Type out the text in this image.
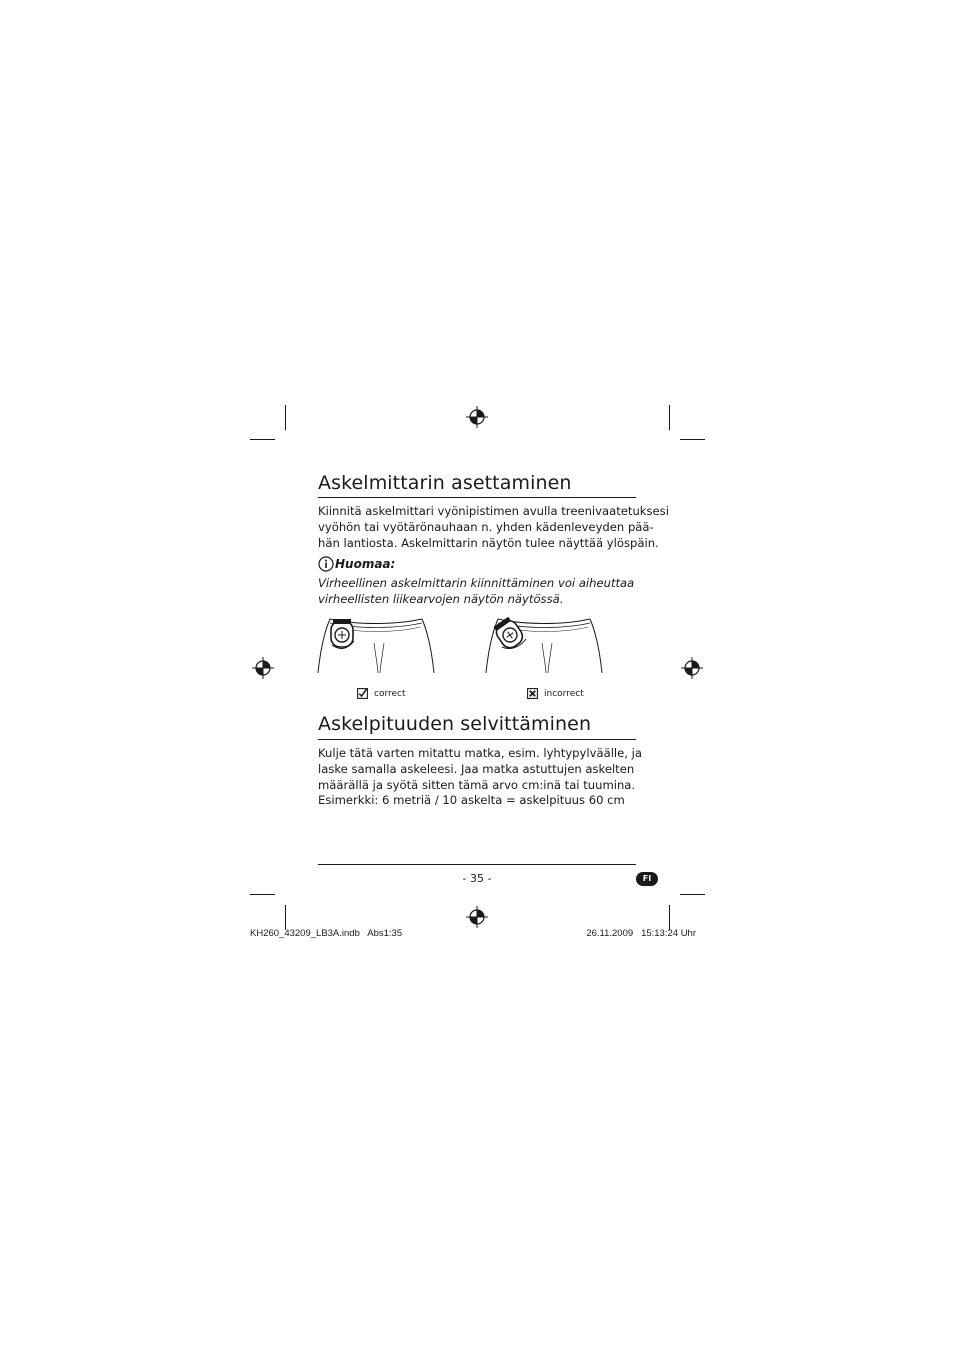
Askelmittarin asettaminen
Kiinnitä askelmittari vyönipistimen avulla treenivaatetuksesi
vyöhön tai vyötärönauhaan n. yhden kädenleveyden pää-
hän lantiosta. Askelmittarin näytön tulee näyttää ylöspäin.
Huomaa:
Virheellinen askelmittarin kiinnittäminen voi aiheuttaa
virheellisten liikearvojen näytön näytössä.
correct	incorrect
Askelpituuden selvittäminen
Kulje tätä varten mitattu matka, esim. lyhtypylväälle, ja
laske samalla askeleesi. Jaa matka astuttujen askelten
määrällä ja syötä sitten tämä arvo cm:inä tai tuumina.
Esimerkki: 6 metriä / 10 askelta = askelpituus 60 cm
- 35 -	FI
KH260_43209_LB3A.indb   Abs1:35	26.11.2009   15:13:24 Uhr
